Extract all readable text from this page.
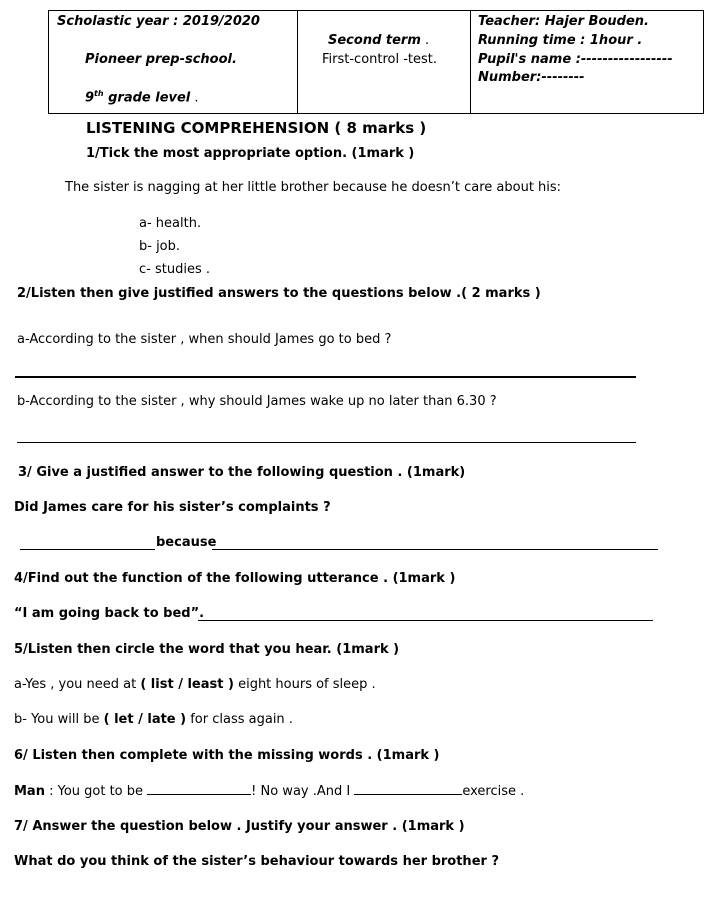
Scholastic year : 2019/2020
Pioneer prep-school.
9th grade level .

Second term .
First-control -test.

Teacher: Hajer Bouden.
Running time : 1hour .
Pupil's name :-----------------
Number:--------
LISTENING COMPREHENSION ( 8 marks )
1/Tick the most appropriate option. (1mark )
The sister is nagging at her little brother because he doesn’t care about his:
a- health.
b- job.
c- studies .
2/Listen then give justified answers to the questions below .( 2 marks )
a-According to the sister , when should James go to bed ?
b-According to the sister , why should James wake up no later than 6.30 ?
3/ Give a justified answer to the following question . (1mark)
Did James care for his sister’s complaints ?
because
4/Find out the function of the following utterance . (1mark )
“I am going back to bed”.
5/Listen then circle the word that you hear. (1mark )
a-Yes , you need at ( list / least ) eight hours of sleep .
b- You will be ( let / late ) for class again .
6/ Listen then complete with the missing words . (1mark )
Man : You got to be	! No way .And I	exercise .
7/ Answer the question below . Justify your answer . (1mark )
What do you think of the sister’s behaviour towards her brother ?
